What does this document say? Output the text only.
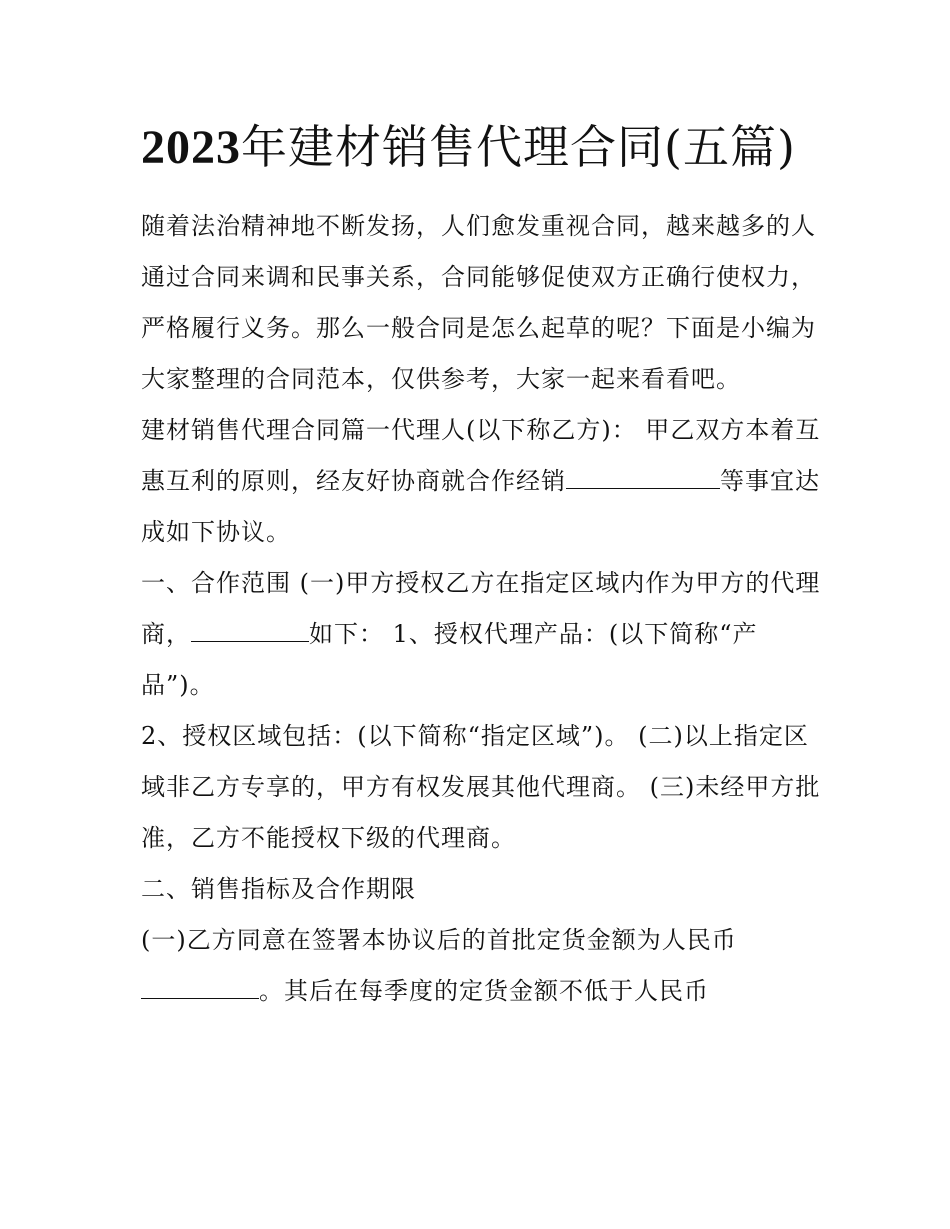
2023年建材销售代理合同(五篇)

随着法治精神地不断发扬，人们愈发重视合同，越来越多的人通过合同来调和民事关系，合同能够促使双方正确行使权力，严格履行义务。那么一般合同是怎么起草的呢？下面是小编为大家整理的合同范本，仅供参考，大家一起来看看吧。

建材销售代理合同篇一代理人(以下称乙方)： 甲乙双方本着互惠互利的原则，经友好协商就合作经销	等事宜达成如下协议。

一、合作范围 (一)甲方授权乙方在指定区域内作为甲方的代理商，	如下： 1、授权代理产品：(以下简称“产品”)。

2、授权区域包括：(以下简称“指定区域”)。 (二)以上指定区域非乙方专享的，甲方有权发展其他代理商。 (三)未经甲方批准，乙方不能授权下级的代理商。

二、销售指标及合作期限

(一)乙方同意在签署本协议后的首批定货金额为人民币。其后在每季度的定货金额不低于人民币
